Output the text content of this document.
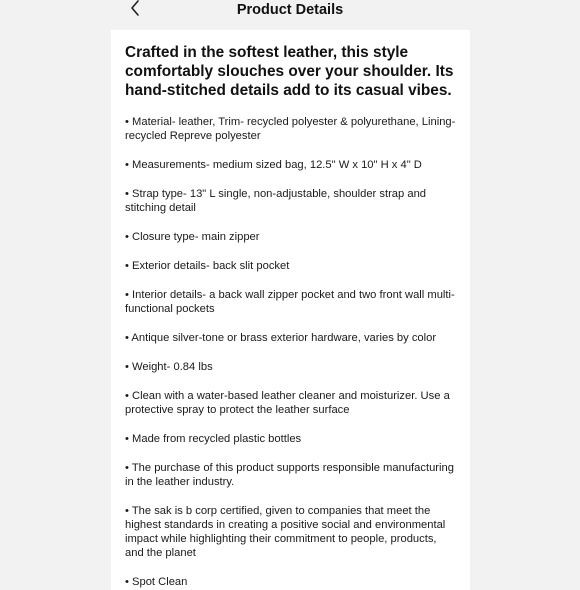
Product Details

Crafted in the softest leather, this style comfortably slouches over your shoulder. Its hand-stitched details add to its casual vibes.

• Material- leather, Trim- recycled polyester & polyurethane, Lining- recycled Repreve polyester
• Measurements- medium sized bag, 12.5" W x 10" H x 4" D
• Strap type- 13" L single, non-adjustable, shoulder strap and stitching detail
• Closure type- main zipper
• Exterior details- back slit pocket
• Interior details- a back wall zipper pocket and two front wall multi-functional pockets
• Antique silver-tone or brass exterior hardware, varies by color
• Weight- 0.84 lbs
• Clean with a water-based leather cleaner and moisturizer. Use a protective spray to protect the leather surface
• Made from recycled plastic bottles
• The purchase of this product supports responsible manufacturing in the leather industry.
• The sak is b corp certified, given to companies that meet the highest standards in creating a positive social and environmental impact while highlighting their commitment to people, products, and the planet
• Spot Clean
